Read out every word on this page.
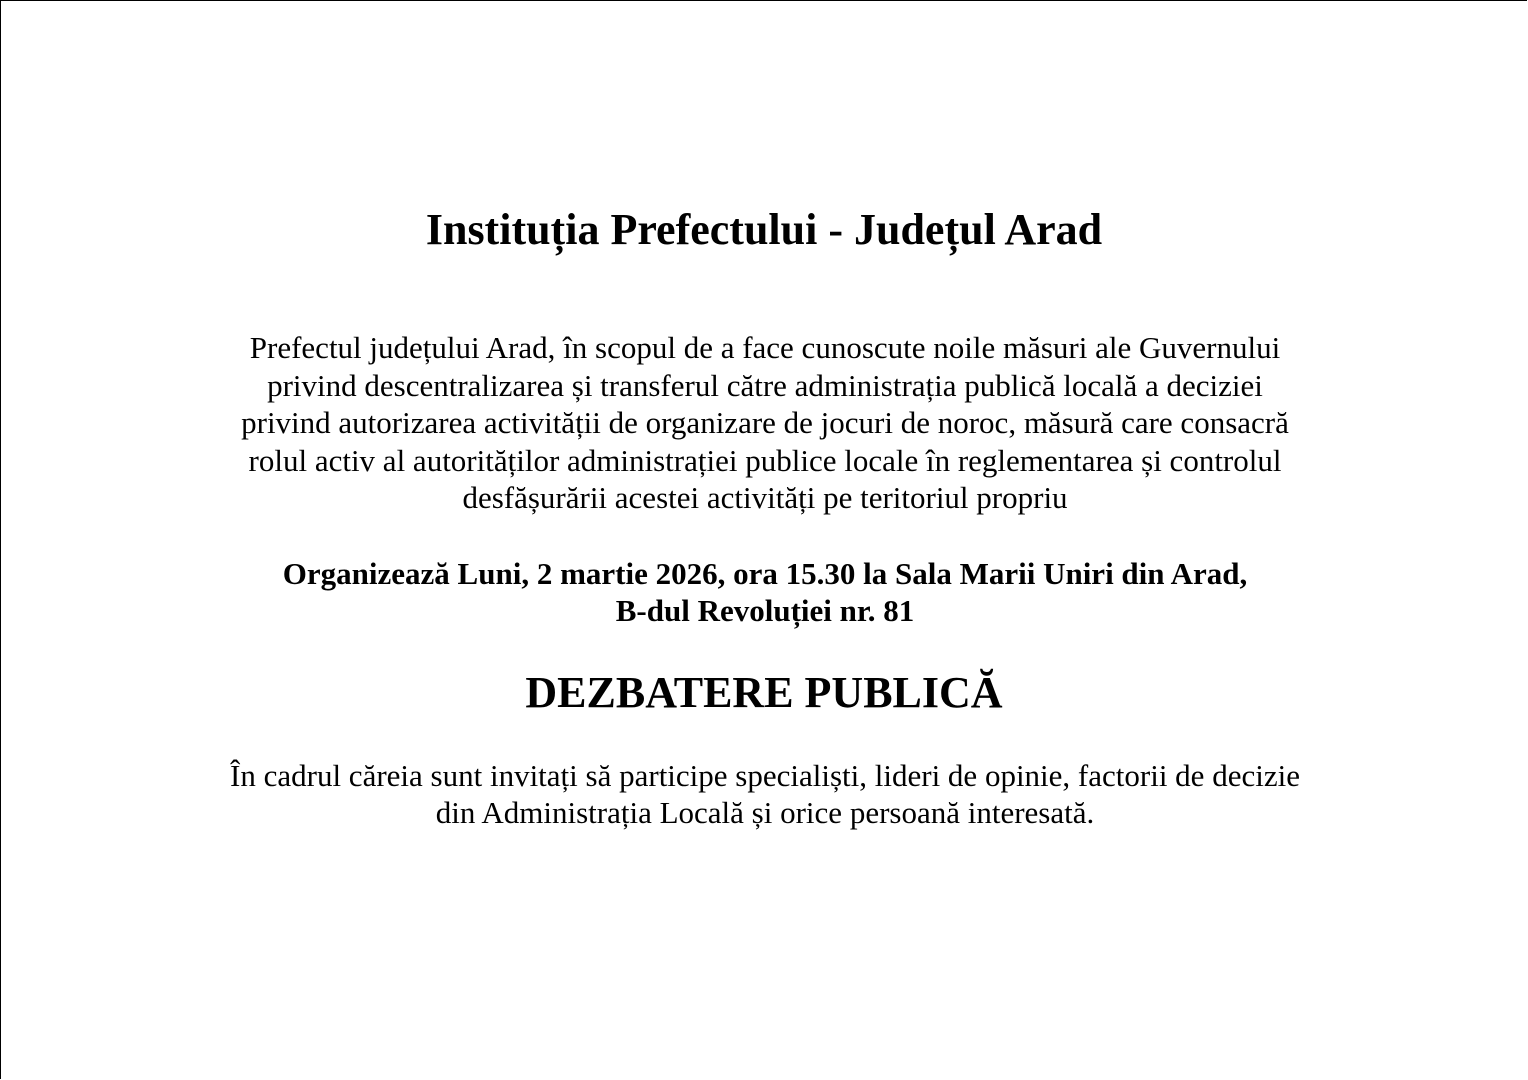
Instituția Prefectului - Județul Arad
Prefectul județului Arad, în scopul de a face cunoscute noile măsuri ale Guvernului
privind descentralizarea și transferul către administrația publică locală a deciziei
privind autorizarea activității de organizare de jocuri de noroc, măsură care consacră
rolul activ al autorităților administrației publice locale în reglementarea și controlul
desfășurării acestei activități pe teritoriul propriu
Organizează Luni, 2 martie 2026, ora 15.30 la Sala Marii Uniri din Arad,
B-dul Revoluției nr. 81
DEZBATERE PUBLICĂ
În cadrul căreia sunt invitați să participe specialiști, lideri de opinie, factorii de decizie
din Administrația Locală și orice persoană interesată.
